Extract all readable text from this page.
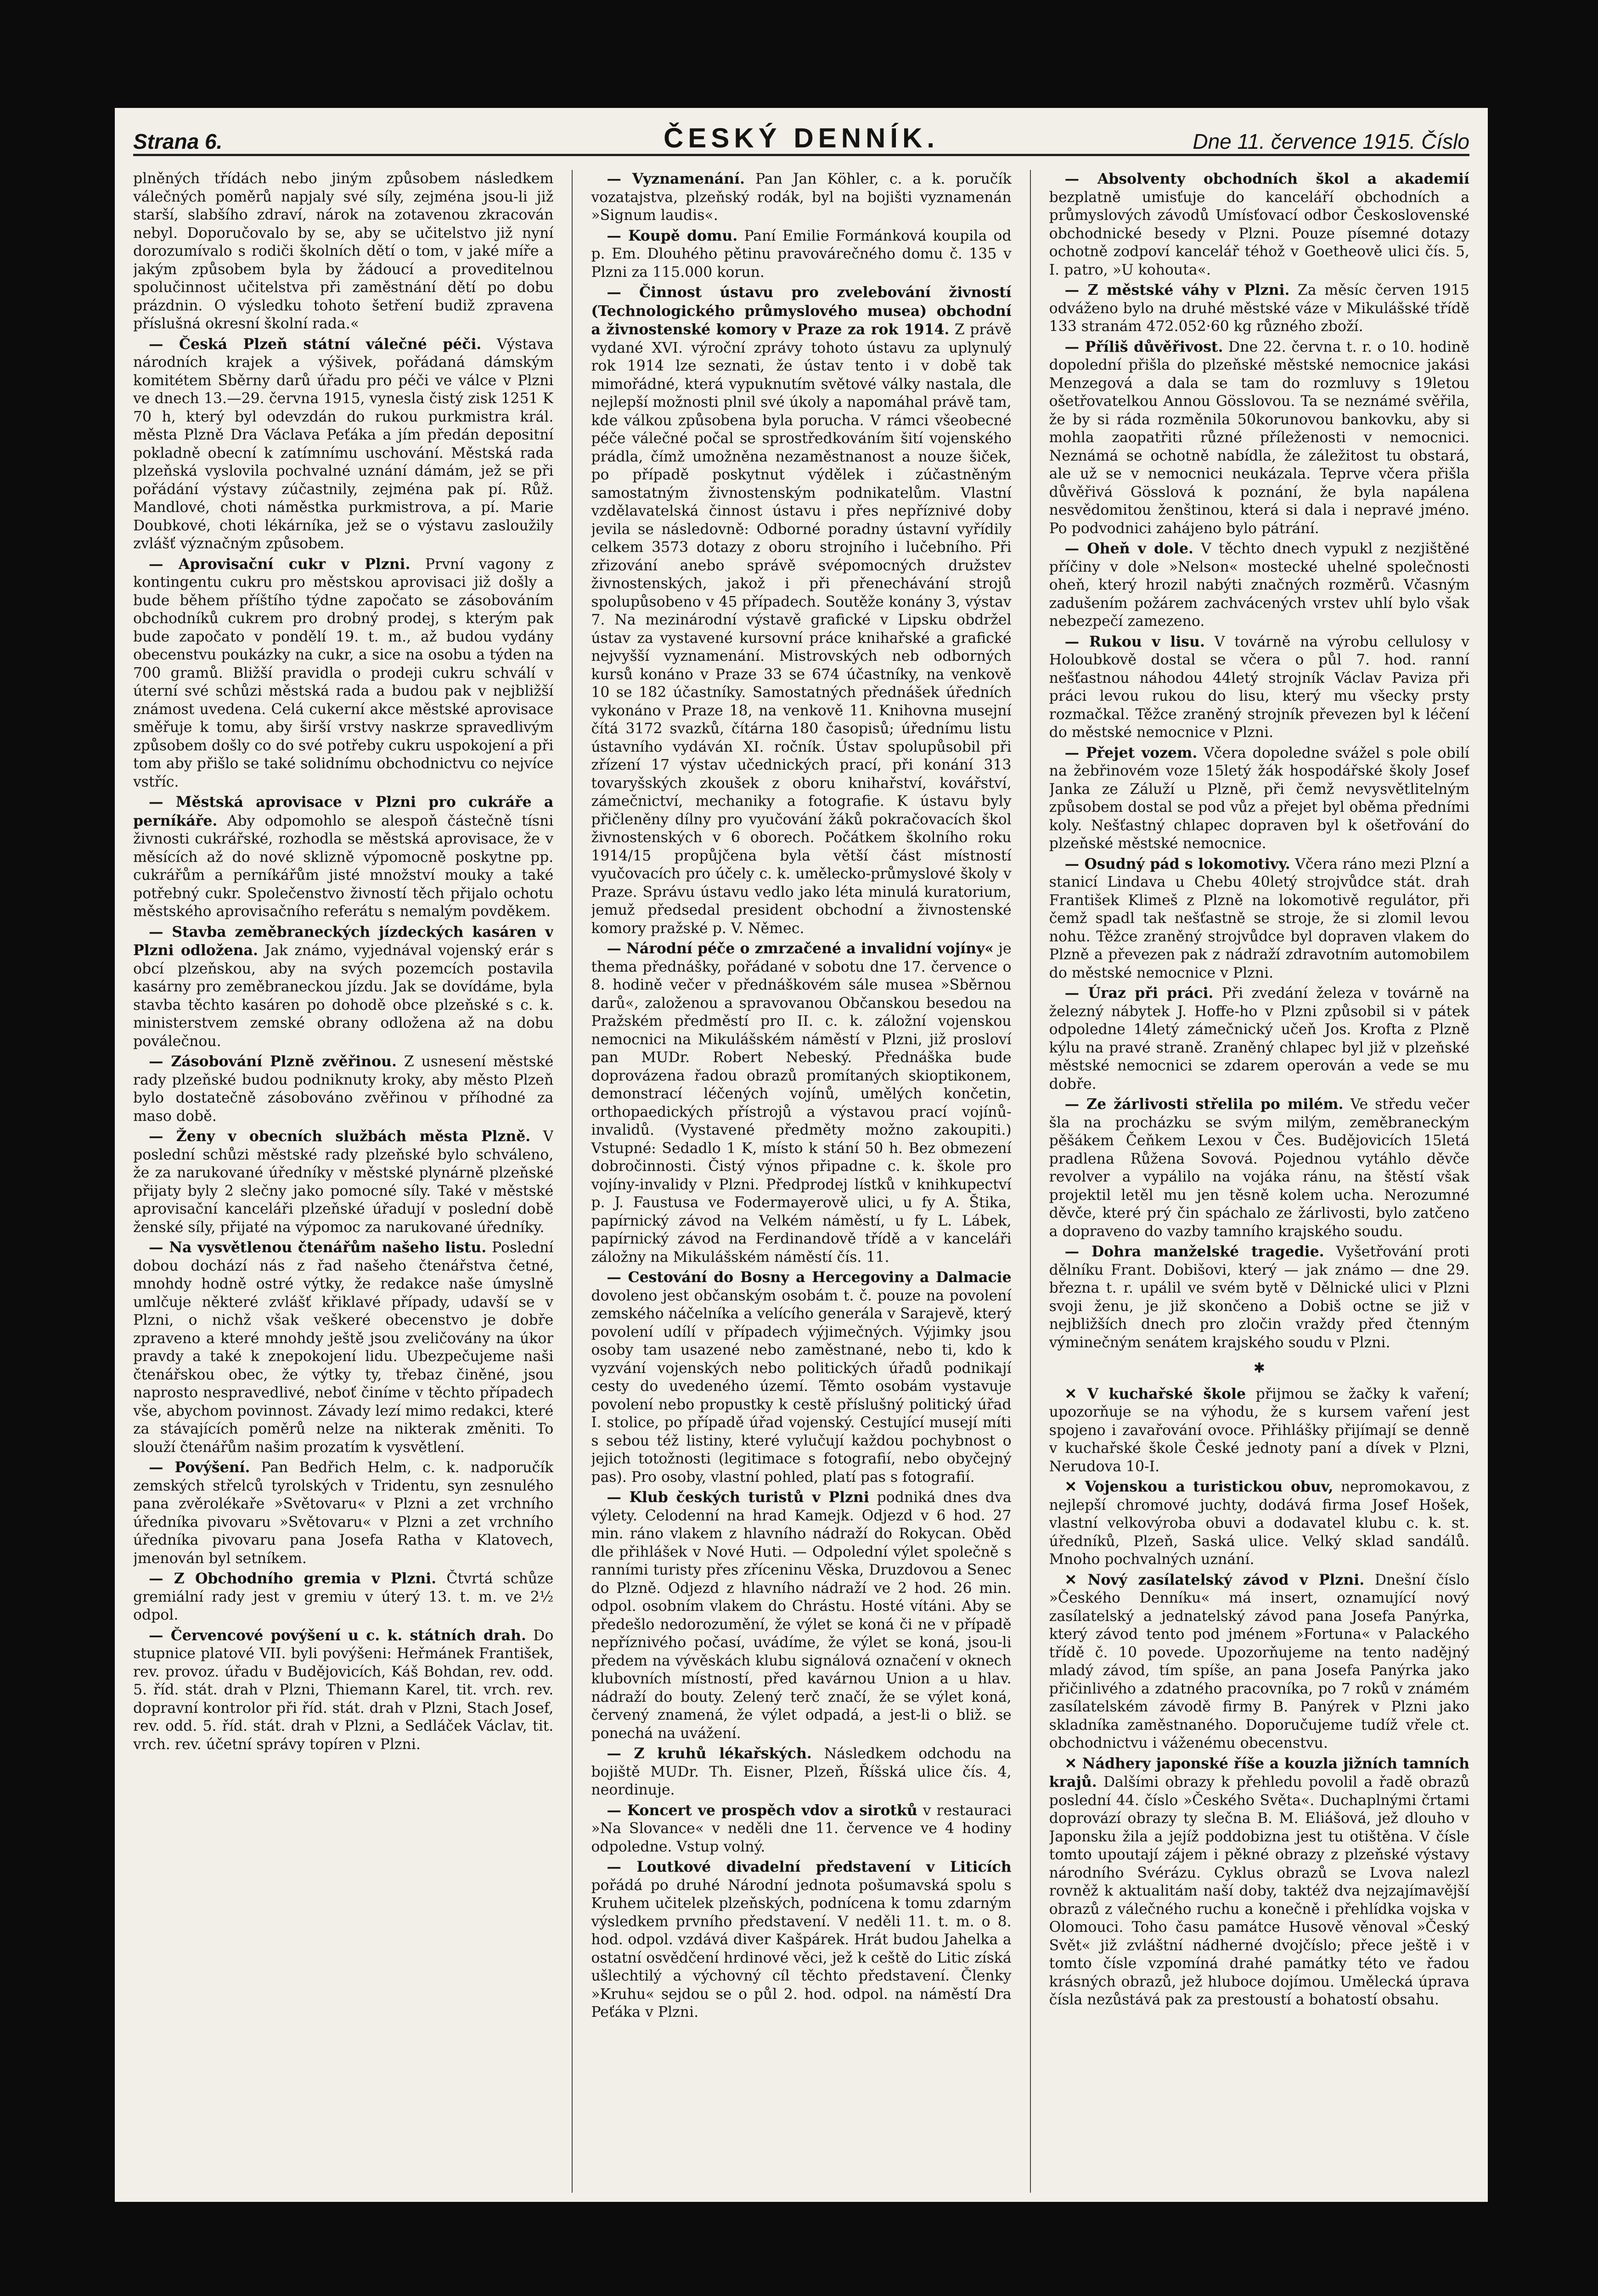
Strana 6.	ČESKÝ DENNÍK.	Dne 11. července 1915. Číslo

plněných třídách nebo jiným způsobem následkem válečných poměrů napjaly své síly, zejména jsou-li již starší, slabšího zdraví, nárok na zotavenou zkracován nebyl. Doporučovalo by se, aby se učitelstvo již nyní dorozumívalo s rodiči školních dětí o tom, v jaké míře a jakým způsobem byla by žádoucí a proveditelnou spolučinnost učitelstva při zaměstnání dětí po dobu prázdnin. O výsledku tohoto šetření budiž zpravena příslušná okresní školní rada.«

— Česká Plzeň státní válečné péči. Výstava národních krajek a výšivek, pořádaná dámským komitétem Sběrny darů úřadu pro péči ve válce v Plzni ve dnech 13.—29. června 1915, vynesla čistý zisk 1251 K 70 h, který byl odevzdán do rukou purkmistra král. města Plzně Dra Václava Peťáka a jím předán depositní pokladně obecní k zatímnímu uschování. Městská rada plzeňská vyslovila pochvalné uznání dámám, jež se při pořádání výstavy zúčastnily, zejména pak pí. Růž. Mandlové, choti náměstka purkmistrova, a pí. Marie Doubkové, choti lékárníka, jež se o výstavu zasloužily zvlášť význačným způsobem.

— Aprovisační cukr v Plzni. První vagony z kontingentu cukru pro městskou aprovisaci již došly a bude během příštího týdne započato se zásobováním obchodníků cukrem pro drobný prodej, s kterým pak bude započato v pondělí 19. t. m., až budou vydány obecenstvu poukázky na cukr, a sice na osobu a týden na 700 gramů. Bližší pravidla o prodeji cukru schválí v úterní své schůzi městská rada a budou pak v nejbližší známost uvedena. Celá cukerní akce městské aprovisace směřuje k tomu, aby širší vrstvy naskrze spravedlivým způsobem došly co do své potřeby cukru uspokojení a při tom aby přišlo se také solidnímu obchodnictvu co nejvíce vstříc.

— Městská aprovisace v Plzni pro cukráře a perníkáře. Aby odpomohlo se alespoň částečně tísni živnosti cukrářské, rozhodla se městská aprovisace, že v měsících až do nové sklizně výpomocně poskytne pp. cukrářům a perníkářům jisté množství mouky a také potřebný cukr. Společenstvo živností těch přijalo ochotu městského aprovisačního referátu s nemalým povděkem.

— Stavba zeměbraneckých jízdeckých kasáren v Plzni odložena. Jak známo, vyjednával vojenský erár s obcí plzeňskou, aby na svých pozemcích postavila kasárny pro zeměbraneckou jízdu. Jak se dovídáme, byla stavba těchto kasáren po dohodě obce plzeňské s c. k. ministerstvem zemské obrany odložena až na dobu poválečnou.

— Zásobování Plzně zvěřinou. Z usnesení městské rady plzeňské budou podniknuty kroky, aby město Plzeň bylo dostatečně zásobováno zvěřinou v příhodné za maso době.

— Ženy v obecních službách města Plzně. V poslední schůzi městské rady plzeňské bylo schváleno, že za narukované úředníky v městské plynárně plzeňské přijaty byly 2 slečny jako pomocné síly. Také v městské aprovisační kanceláři plzeňské úřadují v poslední době ženské síly, přijaté na výpomoc za narukované úředníky.

— Na vysvětlenou čtenářům našeho listu. Poslední dobou dochází nás z řad našeho čtenářstva četné, mnohdy hodně ostré výtky, že redakce naše úmyslně umlčuje některé zvlášť křiklavé případy, udavší se v Plzni, o nichž však veškeré obecenstvo je dobře zpraveno a které mnohdy ještě jsou zveličovány na úkor pravdy a také k znepokojení lidu. Ubezpečujeme naši čtenářskou obec, že výtky ty, třebaz činěné, jsou naprosto nespravedlivé, neboť činíme v těchto případech vše, abychom povinnost. Závady lezí mimo redakci, které za stávajících poměrů nelze na nikterak změniti. To slouží čtenářům našim prozatím k vysvětlení.

— Povýšení. Pan Bedřich Helm, c. k. nadporučík zemských střelců tyrolských v Tridentu, syn zesnulého pana zvěrolékaře »Světovaru« v Plzni a zet vrchního úředníka pivovaru »Světovaru« v Plzni a zet vrchního úředníka pivovaru pana Josefa Ratha v Klatovech, jmenován byl setníkem.

— Z Obchodního gremia v Plzni. Čtvrtá schůze gremiální rady jest v gremiu v úterý 13. t. m. ve 2½ odpol.

— Červencové povýšení u c. k. státních drah. Do stupnice platové VII. byli povýšeni: Heřmánek František, rev. provoz. úřadu v Budějovicích, Káš Bohdan, rev. odd. 5. říd. stát. drah v Plzni, Thiemann Karel, tit. vrch. rev. dopravní kontrolor při říd. stát. drah v Plzni, Stach Josef, rev. odd. 5. říd. stát. drah v Plzni, a Sedláček Václav, tit. vrch. rev. účetní správy topíren v Plzni.

— Vyznamenání. Pan Jan Köhler, c. a k. poručík vozatajstva, plzeňský rodák, byl na bojišti vyznamenán »Signum laudis«.

— Koupě domu. Paní Emilie Formánková koupila od p. Em. Dlouhého pětinu pravovárečného domu č. 135 v Plzni za 115.000 korun.

— Činnost ústavu pro zvelebování živností (Technologického průmyslového musea) obchodní a živnostenské komory v Praze za rok 1914. Z právě vydané XVI. výroční zprávy tohoto ústavu za uplynulý rok 1914 lze seznati, že ústav tento i v době tak mimořádné, která vypuknutím světové války nastala, dle nejlepší možnosti plnil své úkoly a napomáhal právě tam, kde válkou způsobena byla porucha. V rámci všeobecné péče válečné počal se sprostředkováním šití vojenského prádla, čímž umožněna nezaměstnanost a nouze šiček, po případě poskytnut výdělek i zúčastněným samostatným živnostenským podnikatelům. Vlastní vzdělavatelská činnost ústavu i přes nepříznivé doby jevila se následovně: Odborné poradny ústavní vyřídily celkem 3573 dotazy z oboru strojního i lučebního. Při zřizování anebo správě svépomocných družstev živnostenských, jakož i při přenechávání strojů spolupůsobeno v 45 případech. Soutěže konány 3, výstav 7. Na mezinárodní výstavě grafické v Lipsku obdržel ústav za vystavené kursovní práce knihařské a grafické nejvyšší vyznamenání. Mistrovských neb odborných kursů konáno v Praze 33 se 674 účastníky, na venkově 10 se 182 účastníky. Samostatných přednášek úředních vykonáno v Praze 18, na venkově 11. Knihovna musejní čítá 3172 svazků, čítárna 180 časopisů; úřednímu listu ústavního vydáván XI. ročník. Ústav spolupůsobil při zřízení 17 výstav učednických prací, při konání 313 tovaryšských zkoušek z oboru knihařství, kovářství, zámečnictví, mechaniky a fotografie. K ústavu byly přičleněny dílny pro vyučování žáků pokračovacích škol živnostenských v 6 oborech. Počátkem školního roku 1914/15 propůjčena byla větší část místností vyučovacích pro účely c. k. umělecko-průmyslové školy v Praze. Správu ústavu vedlo jako léta minulá kuratorium, jemuž předsedal president obchodní a živnostenské komory pražské p. V. Němec.

— Národní péče o zmrzačené a invalidní vojíny« je thema přednášky, pořádané v sobotu dne 17. července o 8. hodině večer v přednáškovém sále musea »Sběrnou darů«, založenou a spravovanou Občanskou besedou na Pražském předměstí pro II. c. k. záložní vojenskou nemocnici na Mikulášském náměstí v Plzni, již prosloví pan MUDr. Robert Nebeský. Přednáška bude doprovázena řadou obrazů promítaných skioptikonem, demonstrací léčených vojínů, umělých končetin, orthopaedických přístrojů a výstavou prací vojínů-invalidů. (Vystavené předměty možno zakoupiti.) Vstupné: Sedadlo 1 K, místo k stání 50 h. Bez obmezení dobročinnosti. Čistý výnos připadne c. k. škole pro vojíny-invalidy v Plzni. Předprodej lístků v knihkupectví p. J. Faustusa ve Fodermayerově ulici, u fy A. Štika, papírnický závod na Velkém náměstí, u fy L. Lábek, papírnický závod na Ferdinandově třídě a v kanceláři záložny na Mikulášském náměstí čís. 11.

— Cestování do Bosny a Hercegoviny a Dalmacie dovoleno jest občanským osobám t. č. pouze na povolení zemského náčelníka a velícího generála v Sarajevě, který povolení udílí v případech výjimečných. Výjimky jsou osoby tam usazené nebo zaměstnané, nebo ti, kdo k vyzvání vojenských nebo politických úřadů podnikají cesty do uvedeného území. Těmto osobám vystavuje povolení nebo propustky k cestě příslušný politický úřad I. stolice, po případě úřad vojenský. Cestující musejí míti s sebou též listiny, které vylučují každou pochybnost o jejich totožnosti (legitimace s fotografií, nebo obyčejný pas). Pro osoby, vlastní pohled, platí pas s fotografií.

— Klub českých turistů v Plzni podniká dnes dva výlety. Celodenní na hrad Kamejk. Odjezd v 6 hod. 27 min. ráno vlakem z hlavního nádraží do Rokycan. Oběd dle přihlášek v Nové Huti. — Odpolední výlet společně s ranními turisty přes zříceninu Věska, Druzdovou a Senec do Plzně. Odjezd z hlavního nádraží ve 2 hod. 26 min. odpol. osobním vlakem do Chrástu. Hosté vítáni. Aby se předešlo nedorozumění, že výlet se koná či ne v případě nepříznivého počasí, uvádíme, že výlet se koná, jsou-li předem na vývěskách klubu signálová označení v oknech klubovních místností, před kavárnou Union a u hlav. nádraží do bouty. Zelený terč značí, že se výlet koná, červený znamená, že výlet odpadá, a jest-li o bliž. se ponechá na uvážení.

— Z kruhů lékařských. Následkem odchodu na bojiště MUDr. Th. Eisner, Plzeň, Říšská ulice čís. 4, neordinuje.

— Koncert ve prospěch vdov a sirotků v restauraci »Na Slovance« v neděli dne 11. července ve 4 hodiny odpoledne. Vstup volný.

— Loutkové divadelní představení v Liticích pořádá po druhé Národní jednota pošumavská spolu s Kruhem učitelek plzeňských, podnícena k tomu zdarným výsledkem prvního představení. V neděli 11. t. m. o 8. hod. odpol. vzdává diver Kašpárek. Hrát budou Jahelka a ostatní osvědčení hrdinové věci, jež k ceště do Litic získá ušlechtilý a výchovný cíl těchto představení. Členky »Kruhu« sejdou se o půl 2. hod. odpol. na náměstí Dra Peťáka v Plzni.

— Absolventy obchodních škol a akademií bezplatně umisťuje do kanceláří obchodních a průmyslových závodů Umísťovací odbor Československé obchodnické besedy v Plzni. Pouze písemné dotazy ochotně zodpoví kancelář téhož v Goetheově ulici čís. 5, I. patro, »U kohouta«.

— Z městské váhy v Plzni. Za měsíc červen 1915 odváženo bylo na druhé městské váze v Mikulášské třídě 133 stranám 472.052·60 kg různého zboží.

— Příliš důvěřivost. Dne 22. června t. r. o 10. hodině dopolední přišla do plzeňské městské nemocnice jakási Menzegová a dala se tam do rozmluvy s 19letou ošetřovatelkou Annou Gösslovou. Ta se neznámé svěřila, že by si ráda rozměnila 50korunovou bankovku, aby si mohla zaopatřiti různé příleženosti v nemocnici. Neznámá se ochotně nabídla, že záležitost tu obstará, ale už se v nemocnici neukázala. Teprve včera přišla důvěřivá Gösslová k poznání, že byla napálena nesvědomitou ženštinou, která si dala i nepravé jméno. Po podvodnici zahájeno bylo pátrání.

— Oheň v dole. V těchto dnech vypukl z nezjištěné příčiny v dole »Nelson« mostecké uhelné společnosti oheň, který hrozil nabýti značných rozměrů. Včasným zadušením požárem zachvácených vrstev uhlí bylo však nebezpečí zamezeno.

— Rukou v lisu. V továrně na výrobu cellulosy v Holoubkově dostal se včera o půl 7. hod. ranní nešťastnou náhodou 44letý strojník Václav Paviza při práci levou rukou do lisu, který mu všecky prsty rozmačkal. Těžce zraněný strojník převezen byl k léčení do městské nemocnice v Plzni.

— Přejet vozem. Včera dopoledne svážel s pole obilí na žebřinovém voze 15letý žák hospodářské školy Josef Janka ze Záluží u Plzně, při čemž nevysvětlitelným způsobem dostal se pod vůz a přejet byl oběma předními koly. Nešťastný chlapec dopraven byl k ošetřování do plzeňské městské nemocnice.

— Osudný pád s lokomotivy. Včera ráno mezi Plzní a stanicí Lindava u Chebu 40letý strojvůdce stát. drah František Klimeš z Plzně na lokomotivě regulátor, při čemž spadl tak nešťastně se stroje, že si zlomil levou nohu. Těžce zraněný strojvůdce byl dopraven vlakem do Plzně a převezen pak z nádraží zdravotním automobilem do městské nemocnice v Plzni.

— Úraz při práci. Při zvedání železa v továrně na železný nábytek J. Hoffe-ho v Plzni způsobil si v pátek odpoledne 14letý zámečnický učeň Jos. Krofta z Plzně kýlu na pravé straně. Zraněný chlapec byl již v plzeňské městské nemocnici se zdarem operován a vede se mu dobře.

— Ze žárlivosti střelila po milém. Ve středu večer šla na procházku se svým milým, zeměbraneckým pěšákem Čeňkem Lexou v Čes. Budějovicích 15letá pradlena Růžena Sovová. Pojednou vytáhlo děvče revolver a vypálilo na vojáka ránu, na štěstí však projektil letěl mu jen těsně kolem ucha. Nerozumné děvče, které prý čin spáchalo ze žárlivosti, bylo zatčeno a dopraveno do vazby tamního krajského soudu.

— Dohra manželské tragedie. Vyšetřování proti dělníku Frant. Dobišovi, který — jak známo — dne 29. března t. r. upálil ve svém bytě v Dělnické ulici v Plzni svoji ženu, je již skončeno a Dobiš octne se již v nejbližších dnech pro zločin vraždy před čtenným výminečným senátem krajského soudu v Plzni.

✱

✕ V kuchařské škole přijmou se žačky k vaření; upozorňuje se na výhodu, že s kursem vaření jest spojeno i zavařování ovoce. Přihlášky přijímají se denně v kuchařské škole České jednoty paní a dívek v Plzni, Nerudova 10-I.

✕ Vojenskou a turistickou obuv, nepromokavou, z nejlepší chromové juchty, dodává firma Josef Hošek, vlastní velkovýroba obuvi a dodavatel klubu c. k. st. úředníků, Plzeň, Saská ulice. Velký sklad sandálů. Mnoho pochvalných uznání.

✕ Nový zasílatelský závod v Plzni. Dnešní číslo »Českého Denníku« má insert, oznamující nový zasílatelský a jednatelský závod pana Josefa Panýrka, který závod tento pod jménem »Fortuna« v Palackého třídě č. 10 povede. Upozorňujeme na tento nadějný mladý závod, tím spíše, an pana Josefa Panýrka jako přičinlivého a zdatného pracovníka, po 7 roků v známém zasílatelském závodě firmy B. Panýrek v Plzni jako skladníka zaměstnaného. Doporučujeme tudíž vřele ct. obchodnictvu i váženému obecenstvu.

✕ Nádhery japonské říše a kouzla jižních tamních krajů. Dalšími obrazy k přehledu povolil a řadě obrazů poslední 44. číslo »Českého Světa«. Duchaplnými črtami doprovází obrazy ty slečna B. M. Eliášová, jež dlouho v Japonsku žila a jejíž poddobizna jest tu otištěna. V čísle tomto upoutají zájem i pěkné obrazy z plzeňské výstavy národního Svérázu. Cyklus obrazů se Lvova nalezl rovněž k aktualitám naší doby, taktéž dva nejzajímavější obrazů z válečného ruchu a konečně i přehlídka vojska v Olomouci. Toho času památce Husově věnoval »Český Svět« již zvláštní nádherné dvojčíslo; přece ještě i v tomto čísle vzpomíná drahé památky této ve řadou krásných obrazů, jež hluboce dojímou. Umělecká úprava čísla nezůstává pak za prestoustí a bohatostí obsahu.
